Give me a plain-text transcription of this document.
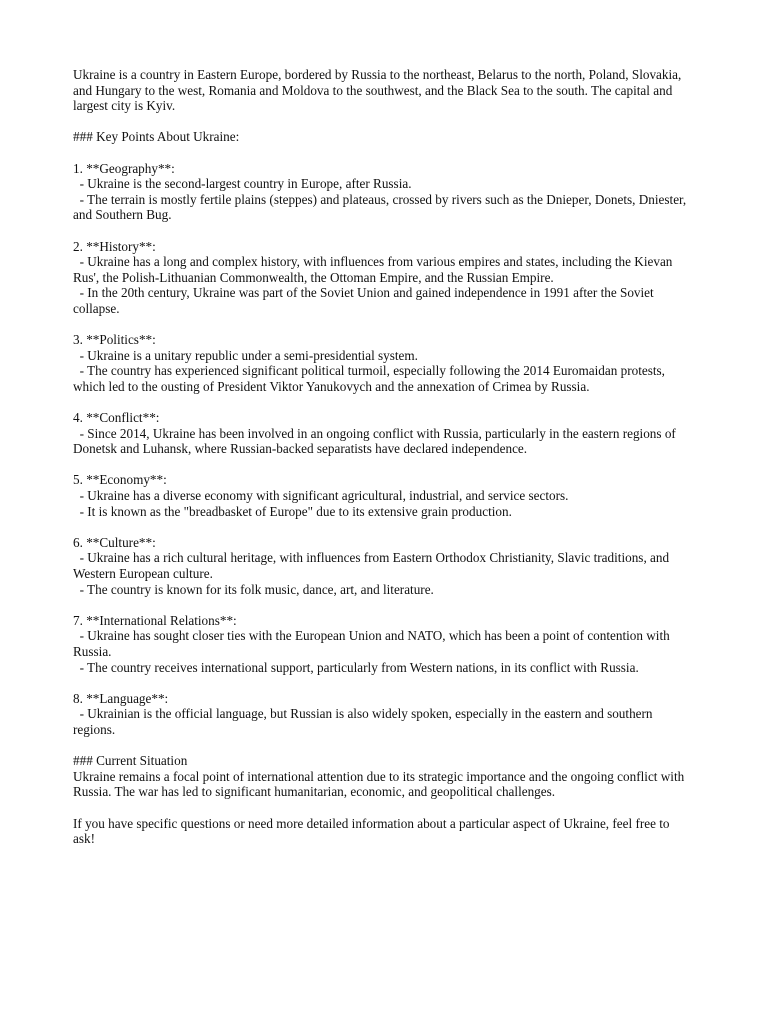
Ukraine is a country in Eastern Europe, bordered by Russia to the northeast, Belarus to the north, Poland, Slovakia, and Hungary to the west, Romania and Moldova to the southwest, and the Black Sea to the south. The capital and largest city is Kyiv.

### Key Points About Ukraine:

1. **Geography**:
- Ukraine is the second-largest country in Europe, after Russia.
- The terrain is mostly fertile plains (steppes) and plateaus, crossed by rivers such as the Dnieper, Donets, Dniester, and Southern Bug.
2. **History**:
- Ukraine has a long and complex history, with influences from various empires and states, including the Kievan Rus', the Polish-Lithuanian Commonwealth, the Ottoman Empire, and the Russian Empire.
- In the 20th century, Ukraine was part of the Soviet Union and gained independence in 1991 after the Soviet collapse.
3. **Politics**:
- Ukraine is a unitary republic under a semi-presidential system.
- The country has experienced significant political turmoil, especially following the 2014 Euromaidan protests, which led to the ousting of President Viktor Yanukovych and the annexation of Crimea by Russia.
4. **Conflict**:
- Since 2014, Ukraine has been involved in an ongoing conflict with Russia, particularly in the eastern regions of Donetsk and Luhansk, where Russian-backed separatists have declared independence.
5. **Economy**:
- Ukraine has a diverse economy with significant agricultural, industrial, and service sectors.
- It is known as the "breadbasket of Europe" due to its extensive grain production.
6. **Culture**:
- Ukraine has a rich cultural heritage, with influences from Eastern Orthodox Christianity, Slavic traditions, and Western European culture.
- The country is known for its folk music, dance, art, and literature.
7. **International Relations**:
- Ukraine has sought closer ties with the European Union and NATO, which has been a point of contention with Russia.
- The country receives international support, particularly from Western nations, in its conflict with Russia.
8. **Language**:
- Ukrainian is the official language, but Russian is also widely spoken, especially in the eastern and southern regions.
### Current Situation
Ukraine remains a focal point of international attention due to its strategic importance and the ongoing conflict with Russia. The war has led to significant humanitarian, economic, and geopolitical challenges.

If you have specific questions or need more detailed information about a particular aspect of Ukraine, feel free to ask!
